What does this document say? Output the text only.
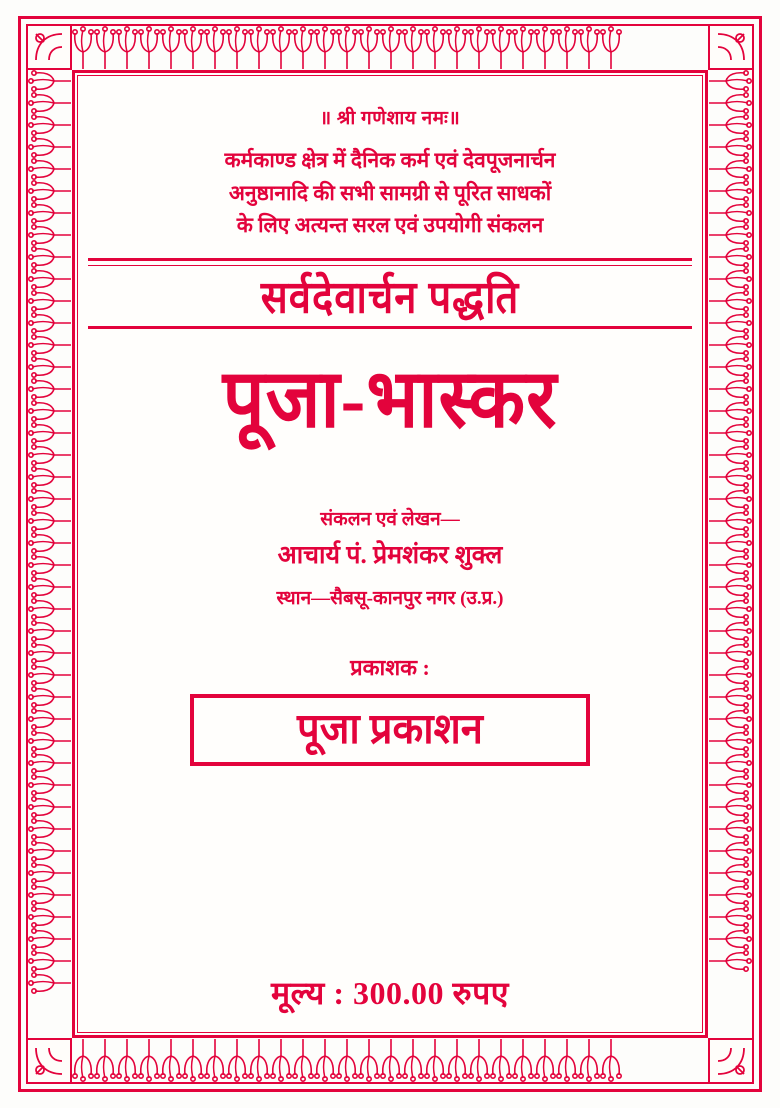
॥ श्री गणेशाय नमः॥
कर्मकाण्ड क्षेत्र में दैनिक कर्म एवं देवपूजनार्चन
अनुष्ठानादि की सभी सामग्री से पूरित साधकों
के लिए अत्यन्त सरल एवं उपयोगी संकलन
सर्वदेवार्चन पद्धति
पूजा-भास्कर
संकलन एवं लेखन—
आचार्य पं. प्रेमशंकर शुक्ल
स्थान—सैबसू-कानपुर नगर (उ.प्र.)
प्रकाशक :
पूजा प्रकाशन
मूल्य : 300.00 रुपए
